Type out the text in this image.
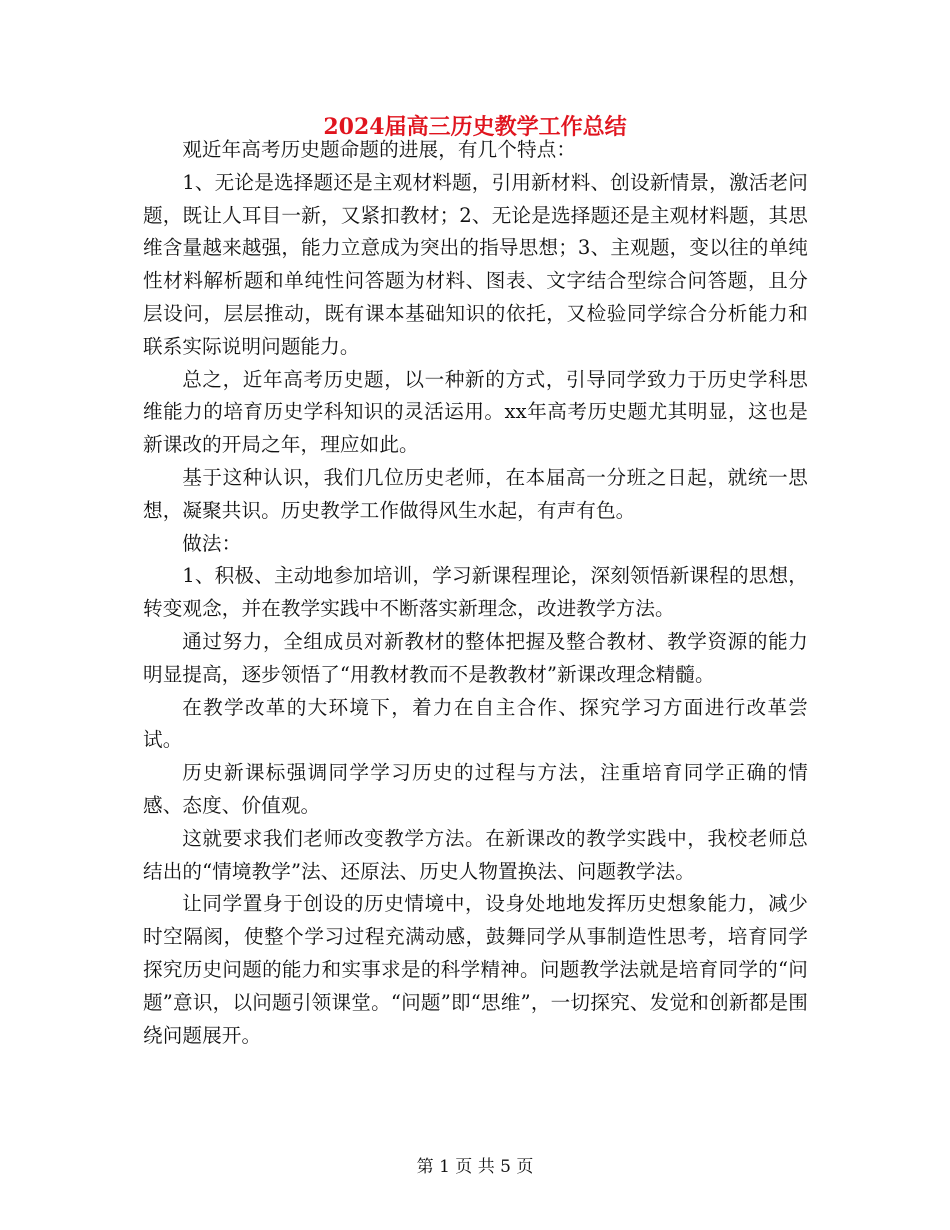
2024届高三历史教学工作总结

观近年高考历史题命题的进展，有几个特点：

1、无论是选择题还是主观材料题，引用新材料、创设新情景，激活老问题，既让人耳目一新，又紧扣教材；2、无论是选择题还是主观材料题，其思维含量越来越强，能力立意成为突出的指导思想；3、主观题，变以往的单纯性材料解析题和单纯性问答题为材料、图表、文字结合型综合问答题，且分层设问，层层推动，既有课本基础知识的依托，又检验同学综合分析能力和联系实际说明问题能力。

总之，近年高考历史题，以一种新的方式，引导同学致力于历史学科思维能力的培育历史学科知识的灵活运用。xx年高考历史题尤其明显，这也是新课改的开局之年，理应如此。

基于这种认识，我们几位历史老师，在本届高一分班之日起，就统一思想，凝聚共识。历史教学工作做得风生水起，有声有色。

做法：

1、积极、主动地参加培训，学习新课程理论，深刻领悟新课程的思想，转变观念，并在教学实践中不断落实新理念，改进教学方法。

通过努力，全组成员对新教材的整体把握及整合教材、教学资源的能力明显提高，逐步领悟了“用教材教而不是教教材”新课改理念精髓。

在教学改革的大环境下，着力在自主合作、探究学习方面进行改革尝试。

历史新课标强调同学学习历史的过程与方法，注重培育同学正确的情感、态度、价值观。

这就要求我们老师改变教学方法。在新课改的教学实践中，我校老师总结出的“情境教学”法、还原法、历史人物置换法、问题教学法。

让同学置身于创设的历史情境中，设身处地地发挥历史想象能力，减少时空隔阂，使整个学习过程充满动感，鼓舞同学从事制造性思考，培育同学探究历史问题的能力和实事求是的科学精神。问题教学法就是培育同学的“问题”意识，以问题引领课堂。“问题”即“思维”，一切探究、发觉和创新都是围绕问题展开。

第 1 页 共 5 页
